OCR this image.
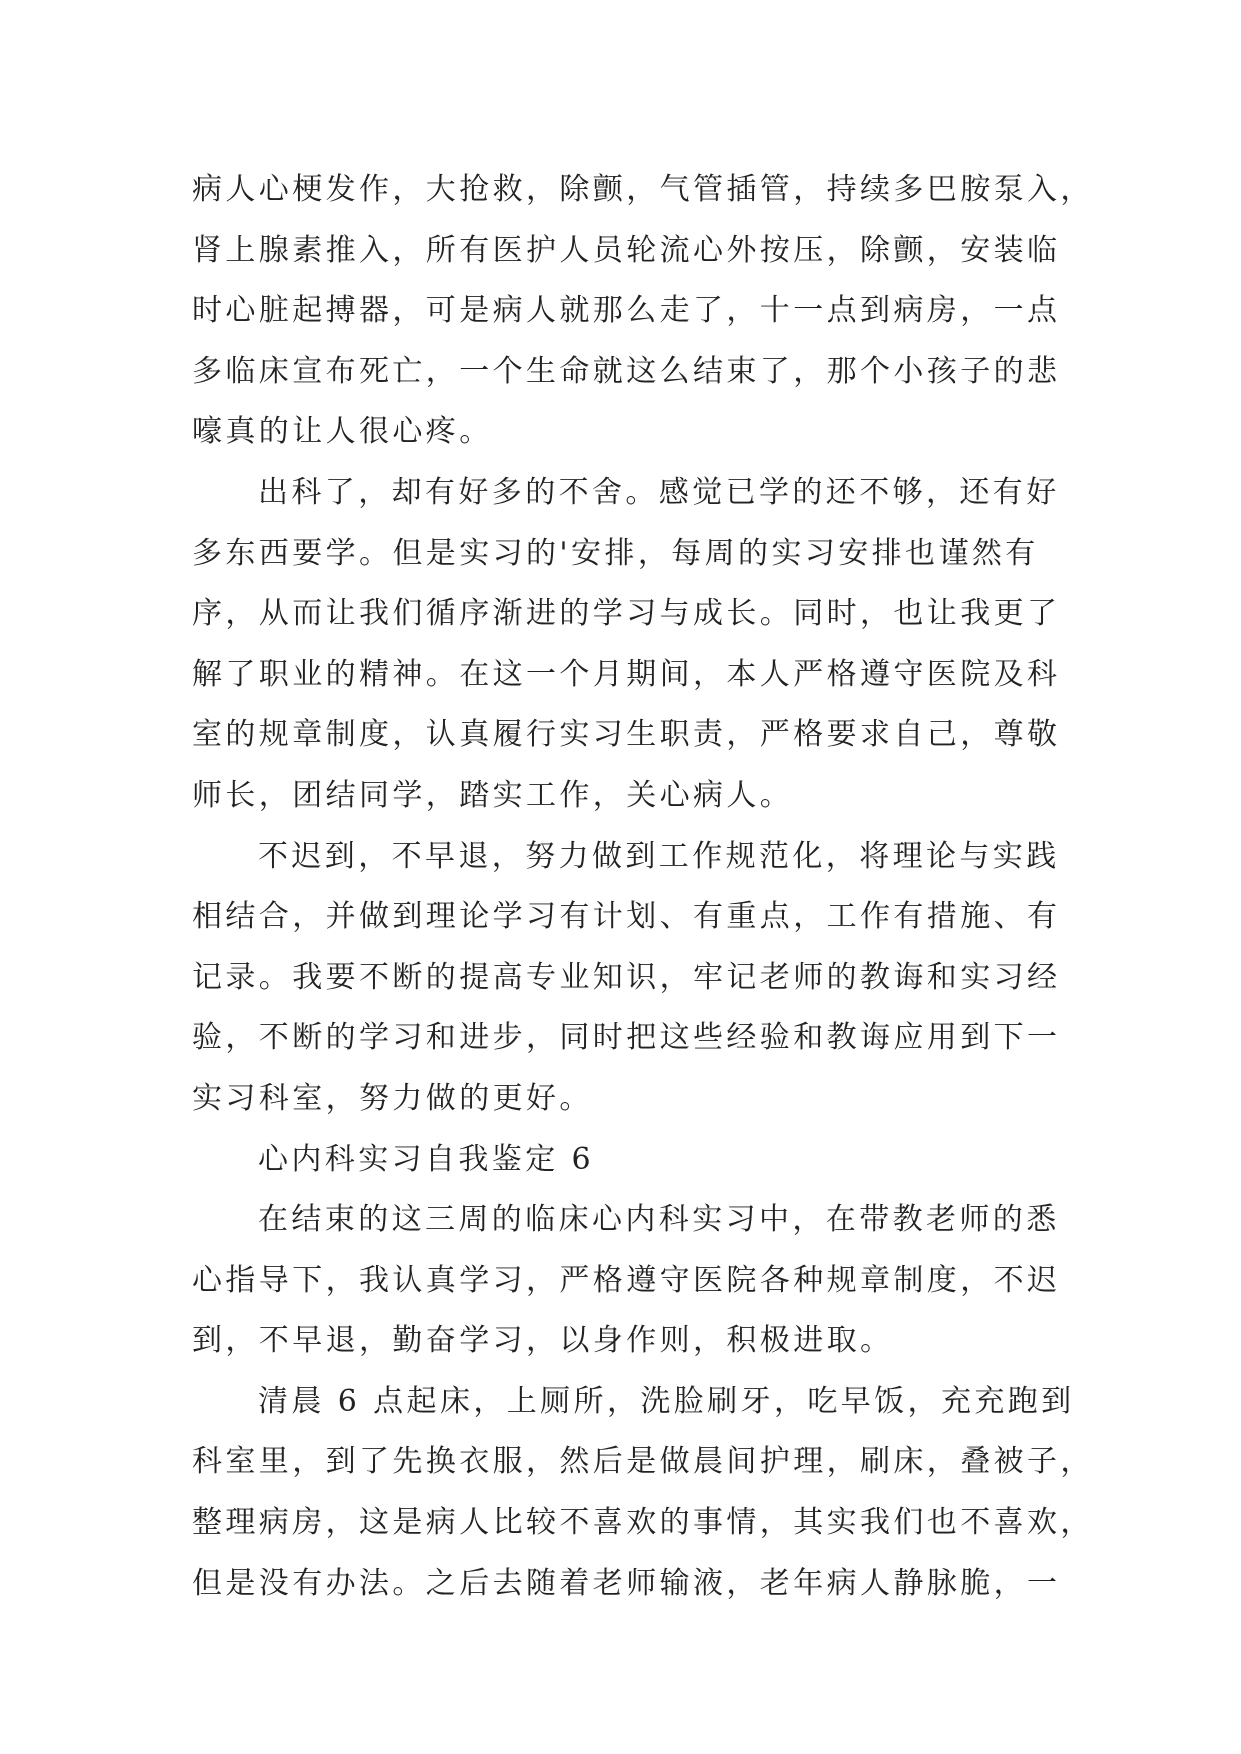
病人心梗发作，大抢救，除颤，气管插管，持续多巴胺泵入，
肾上腺素推入，所有医护人员轮流心外按压，除颤，安装临
时心脏起搏器，可是病人就那么走了，十一点到病房，一点
多临床宣布死亡，一个生命就这么结束了，那个小孩子的悲
嚎真的让人很心疼。
出科了，却有好多的不舍。感觉已学的还不够，还有好
多东西要学。但是实习的'安排，每周的实习安排也谨然有
序，从而让我们循序渐进的学习与成长。同时，也让我更了
解了职业的精神。在这一个月期间，本人严格遵守医院及科
室的规章制度，认真履行实习生职责，严格要求自己，尊敬
师长，团结同学，踏实工作，关心病人。
不迟到，不早退，努力做到工作规范化，将理论与实践
相结合，并做到理论学习有计划、有重点，工作有措施、有
记录。我要不断的提高专业知识，牢记老师的教诲和实习经
验，不断的学习和进步，同时把这些经验和教诲应用到下一
实习科室，努力做的更好。
心内科实习自我鉴定 6
在结束的这三周的临床心内科实习中，在带教老师的悉
心指导下，我认真学习，严格遵守医院各种规章制度，不迟
到，不早退，勤奋学习，以身作则，积极进取。
清晨 6 点起床，上厕所，洗脸刷牙，吃早饭，充充跑到
科室里，到了先换衣服，然后是做晨间护理，刷床，叠被子，
整理病房，这是病人比较不喜欢的事情，其实我们也不喜欢，
但是没有办法。之后去随着老师输液，老年病人静脉脆，一
